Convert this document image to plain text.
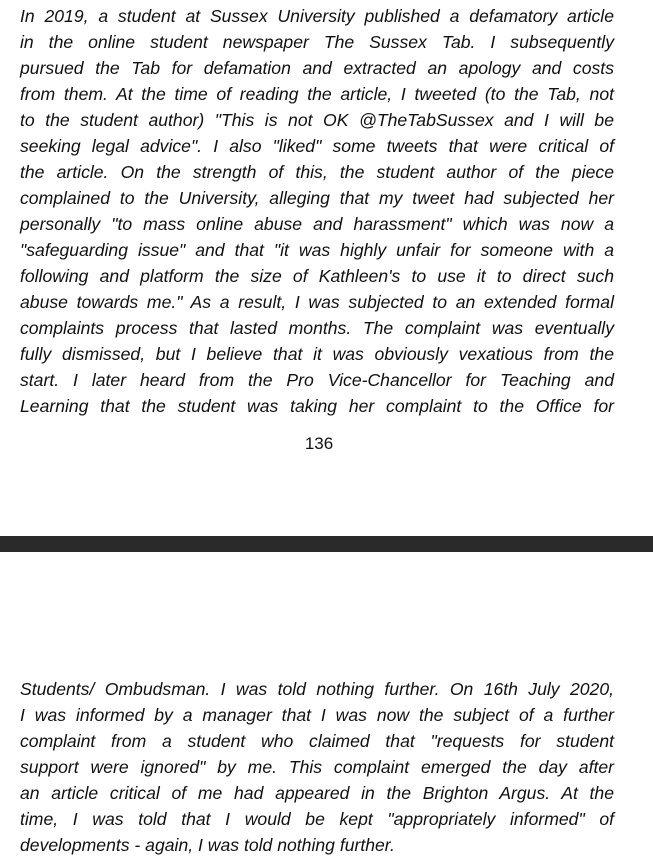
In 2019, a student at Sussex University published a defamatory article
in the online student newspaper The Sussex Tab. I subsequently
pursued the Tab for defamation and extracted an apology and costs
from them. At the time of reading the article, I tweeted (to the Tab, not
to the student author) "This is not OK @TheTabSussex and I will be
seeking legal advice". I also "liked" some tweets that were critical of
the article. On the strength of this, the student author of the piece
complained to the University, alleging that my tweet had subjected her
personally "to mass online abuse and harassment" which was now a
"safeguarding issue" and that "it was highly unfair for someone with a
following and platform the size of Kathleen's to use it to direct such
abuse towards me." As a result, I was subjected to an extended formal
complaints process that lasted months. The complaint was eventually
fully dismissed, but I believe that it was obviously vexatious from the
start. I later heard from the Pro Vice-Chancellor for Teaching and
Learning that the student was taking her complaint to the Office for
136
Students/ Ombudsman. I was told nothing further. On 16th July 2020,
I was informed by a manager that I was now the subject of a further
complaint from a student who claimed that "requests for student
support were ignored" by me. This complaint emerged the day after
an article critical of me had appeared in the Brighton Argus. At the
time, I was told that I would be kept "appropriately informed" of
developments - again, I was told nothing further.
